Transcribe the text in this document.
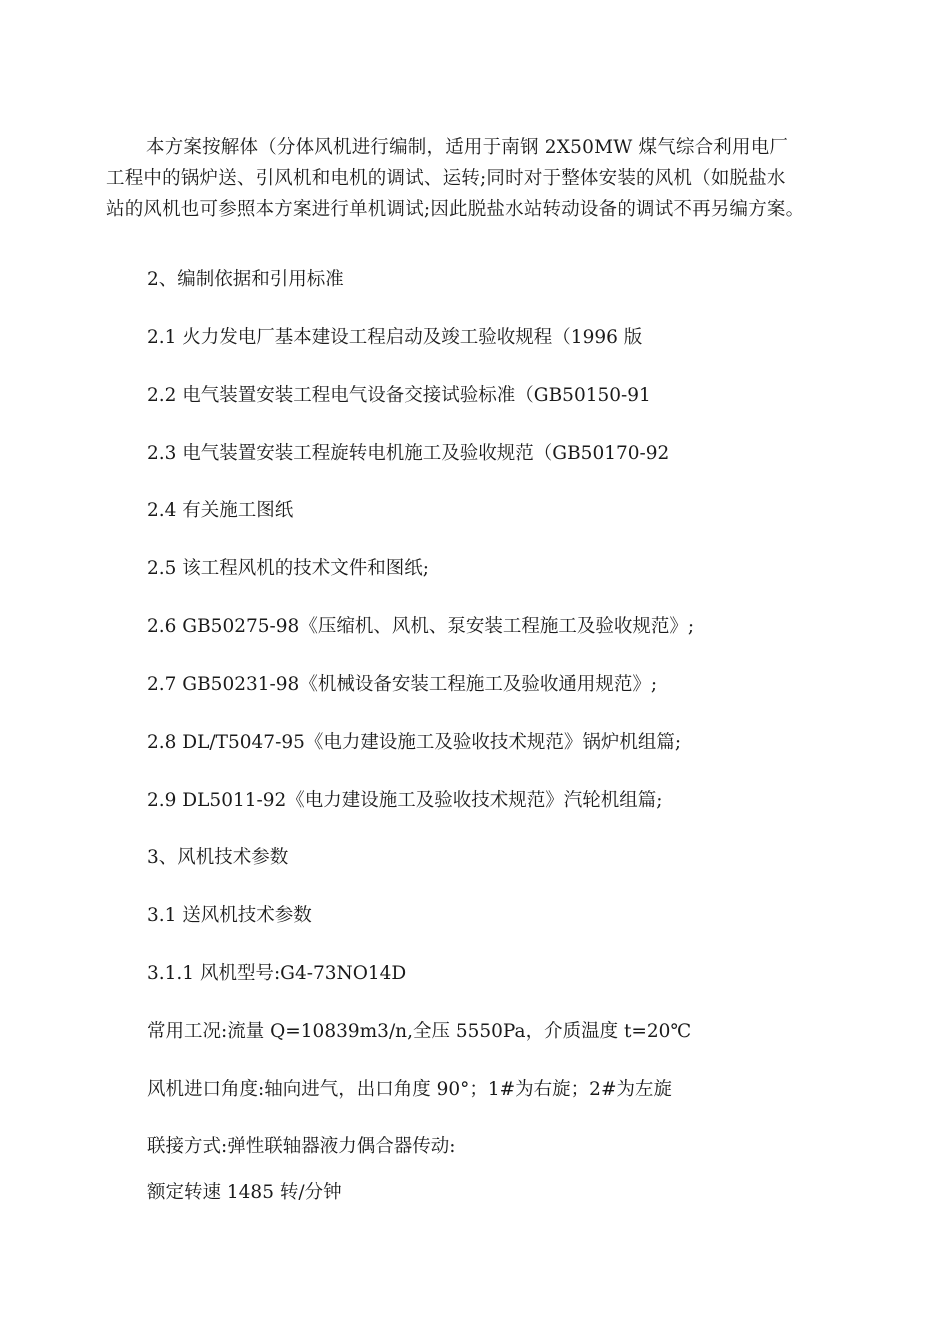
本方案按解体（分体风机进行编制，适用于南钢 2X50MW 煤气综合利用电厂
工程中的锅炉送、引风机和电机的调试、运转;同时对于整体安装的风机（如脱盐水
站的风机也可参照本方案进行单机调试;因此脱盐水站转动设备的调试不再另编方案。
2、编制依据和引用标准
2.1 火力发电厂基本建设工程启动及竣工验收规程（1996 版
2.2 电气装置安装工程电气设备交接试验标准（GB50150-91
2.3 电气装置安装工程旋转电机施工及验收规范（GB50170-92
2.4 有关施工图纸
2.5 该工程风机的技术文件和图纸;
2.6 GB50275-98《压缩机、风机、泵安装工程施工及验收规范》;
2.7 GB50231-98《机械设备安装工程施工及验收通用规范》;
2.8 DL/T5047-95《电力建设施工及验收技术规范》锅炉机组篇;
2.9 DL5011-92《电力建设施工及验收技术规范》汽轮机组篇;
3、风机技术参数
3.1 送风机技术参数
3.1.1 风机型号:G4-73NO14D
常用工况:流量 Q=10839m3/n,全压 5550Pa，介质温度 t=20℃
风机进口角度:轴向进气，出口角度 90°；1#为右旋；2#为左旋
联接方式:弹性联轴器液力偶合器传动:
额定转速 1485 转/分钟
